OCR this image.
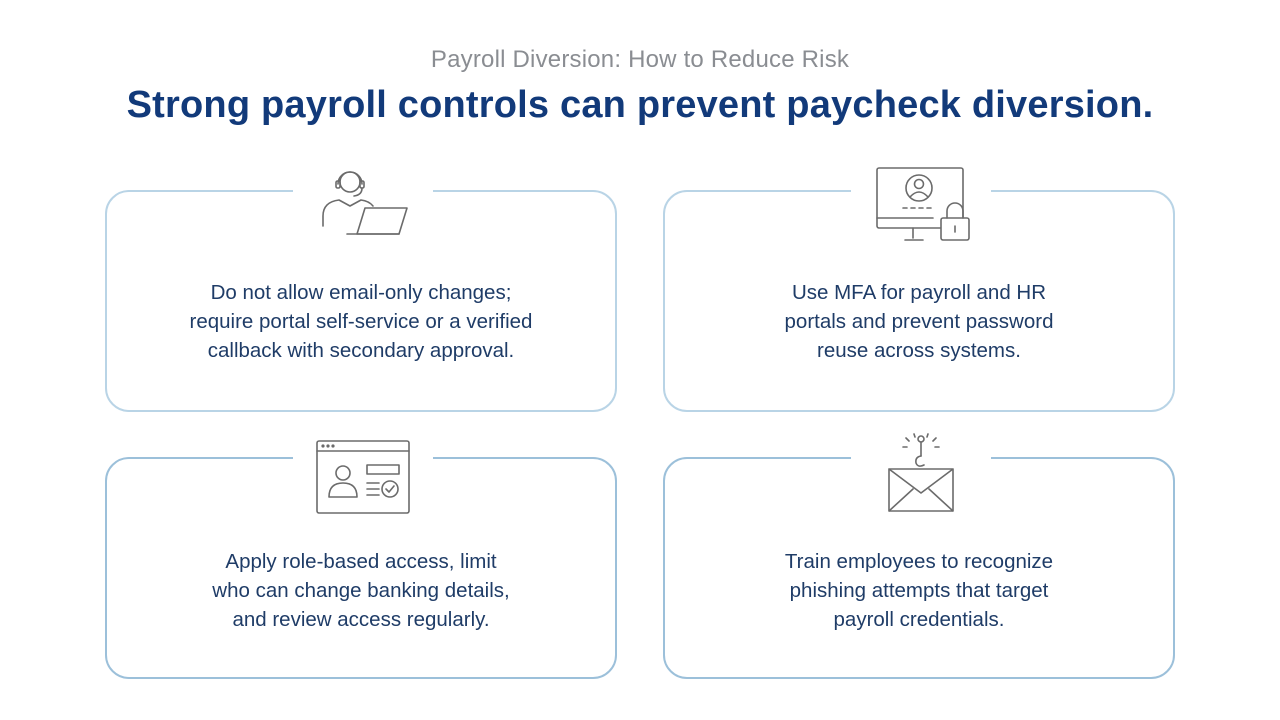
Payroll Diversion: How to Reduce Risk
Strong payroll controls can prevent paycheck diversion.
Do not allow email-only changes;
require portal self-service or a verified
callback with secondary approval.
Use MFA for payroll and HR
portals and prevent password
reuse across systems.
Apply role-based access, limit
who can change banking details,
and review access regularly.
Train employees to recognize
phishing attempts that target
payroll credentials.
